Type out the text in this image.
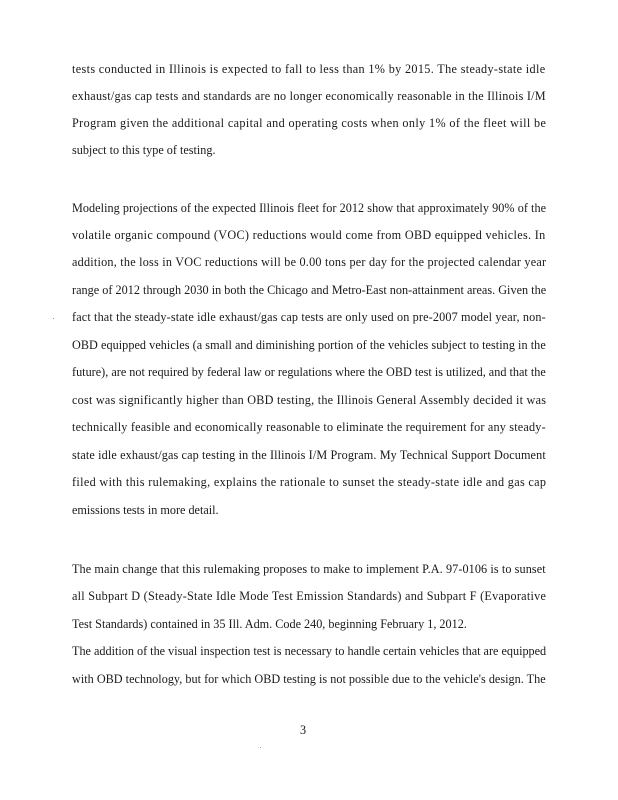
tests conducted in Illinois is expected to fall to less than 1% by 2015. The steady-state idle
exhaust/gas cap tests and standards are no longer economically reasonable in the Illinois I/M
Program given the additional capital and operating costs when only 1% of the fleet will be
subject to this type of testing.
Modeling projections of the expected Illinois fleet for 2012 show that approximately 90% of the
volatile organic compound (VOC) reductions would come from OBD equipped vehicles. In
addition, the loss in VOC reductions will be 0.00 tons per day for the projected calendar year
range of 2012 through 2030 in both the Chicago and Metro-East non-attainment areas. Given the
fact that the steady-state idle exhaust/gas cap tests are only used on pre-2007 model year, non-
OBD equipped vehicles (a small and diminishing portion of the vehicles subject to testing in the
future), are not required by federal law or regulations where the OBD test is utilized, and that the
cost was significantly higher than OBD testing, the Illinois General Assembly decided it was
technically feasible and economically reasonable to eliminate the requirement for any steady-
state idle exhaust/gas cap testing in the Illinois I/M Program. My Technical Support Document
filed with this rulemaking, explains the rationale to sunset the steady-state idle and gas cap
emissions tests in more detail.
The main change that this rulemaking proposes to make to implement P.A. 97-0106 is to sunset
all Subpart D (Steady-State Idle Mode Test Emission Standards) and Subpart F (Evaporative
Test Standards) contained in 35 Ill. Adm. Code 240, beginning February 1, 2012.
The addition of the visual inspection test is necessary to handle certain vehicles that are equipped
with OBD technology, but for which OBD testing is not possible due to the vehicle's design. The
3
